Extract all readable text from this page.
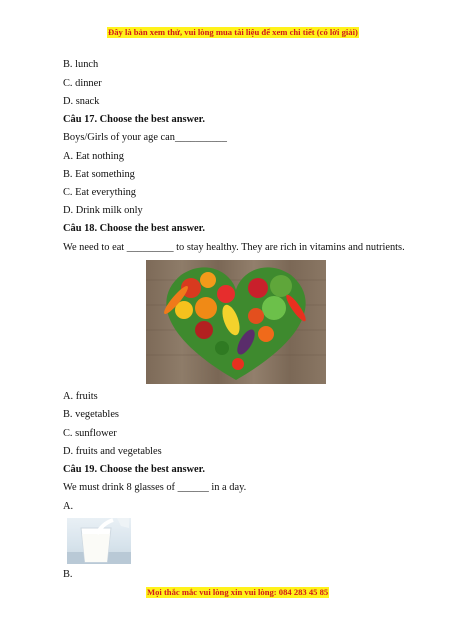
Đây là bản xem thử, vui lòng mua tài liệu để xem chi tiết (có lời giải)
B. lunch
C. dinner
D. snack
Câu 17. Choose the best answer.
Boys/Girls of your age can__________
A. Eat nothing
B. Eat something
C. Eat everything
D. Drink milk only
Câu 18. Choose the best answer.
We need to eat _________ to stay healthy. They are rich in vitamins and nutrients.
A. fruits
B. vegetables
C. sunflower
D. fruits and vegetables
Câu 19. Choose the best answer.
We must drink 8 glasses of ______ in a day.
A.
B.
Mọi thắc mắc vui lòng xin vui lòng: 084 283 45 85
